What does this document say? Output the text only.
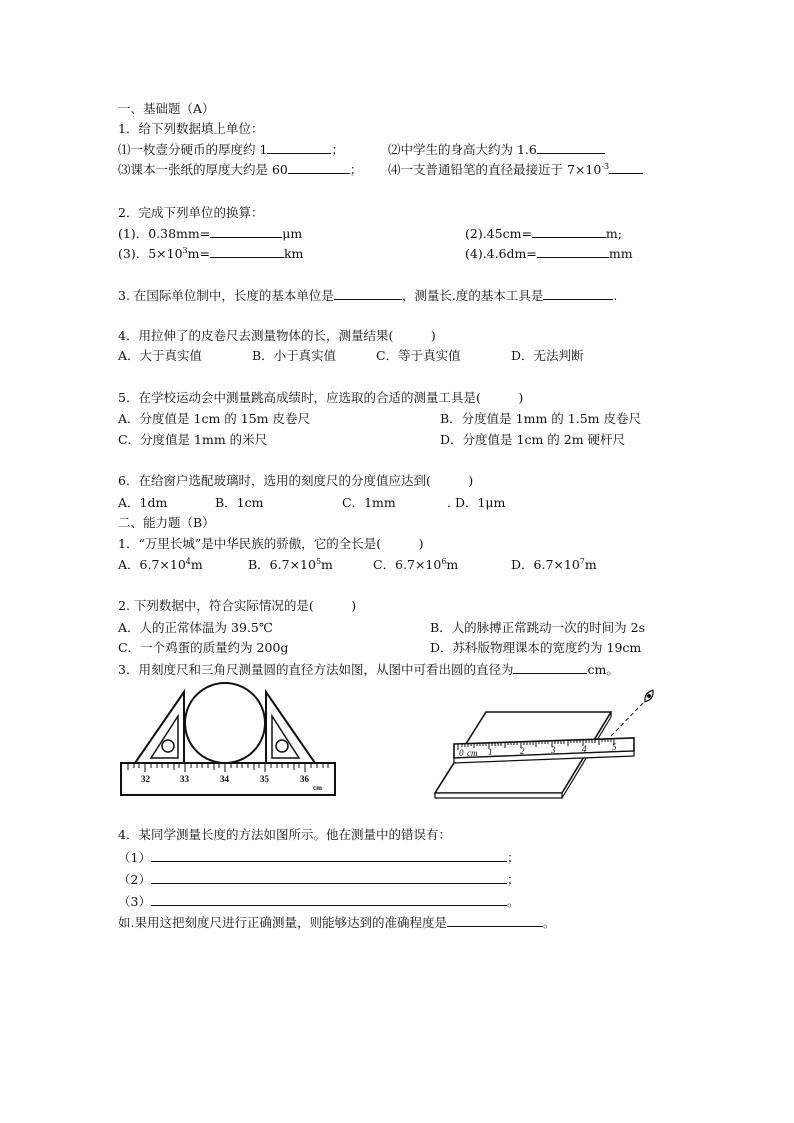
一、基础题（A）
1．给下列数据填上单位：
⑴一枚壹分硬币的厚度约 1	；	⑵中学生的身高大约为 1.6
⑶课本一张纸的厚度大约是 60	； ⑷一支普通铅笔的直径最接近于 $7\times 10^{-3}$
2．完成下列单位的换算：
(1)．0.38mm=	μm	(2).45cm=	m;
(3)．$5\times 10^3m=$	km	(4).4.6dm=	mm
3. 在国际单位制中，长度的基本单位是	，测量长.度的基本工具是	.
4．用拉伸了的皮卷尺去测量物体的长，测量结果(　　　)
A．大于真实值	B．小于真实值	C．等于真实值	D．无法判断
5．在学校运动会中测量跳高成绩时，应选取的合适的测量工具是(　　　)
A．分度值是 1cm 的 15m 皮卷尺	B．分度值是 1mm 的 1.5m 皮卷尺
C．分度值是 1mm 的米尺	D．分度值是 1cm 的 2m 硬杆尺
6．在给窗户选配玻璃时，选用的刻度尺的分度值应达到(　　　)
A．1dm	B．1cm	C．1mm	. D．1μm
二、能力题（B）
1．“万里长城”是中华民族的骄傲，它的全长是(　　　)
A．$6.7\times 10^4m$	B．$6.7\times 10^5m$	C．$6.7\times 10^6m$	D．$6.7\times 10^7m$
2. 下列数据中，符合实际情况的是(　　　)
A．人的正常体温为 39.5℃	B．人的脉搏正常跳动一次的时间为 2s
C．一个鸡蛋的质量约为 200g	D．苏科版物理课本的宽度约为 19cm
3．用刻度尺和三角尺测量圆的直径方法如图，从图中可看出圆的直径为	cm。
32	33	34	35	36
cm
0 cm 1	2	3	4	5
4．某同学测量长度的方法如图所示。他在测量中的错误有：
（1）	；
（2）	；
（3）	。
如.果用这把刻度尺进行正确测量，则能够达到的准确程度是	。
